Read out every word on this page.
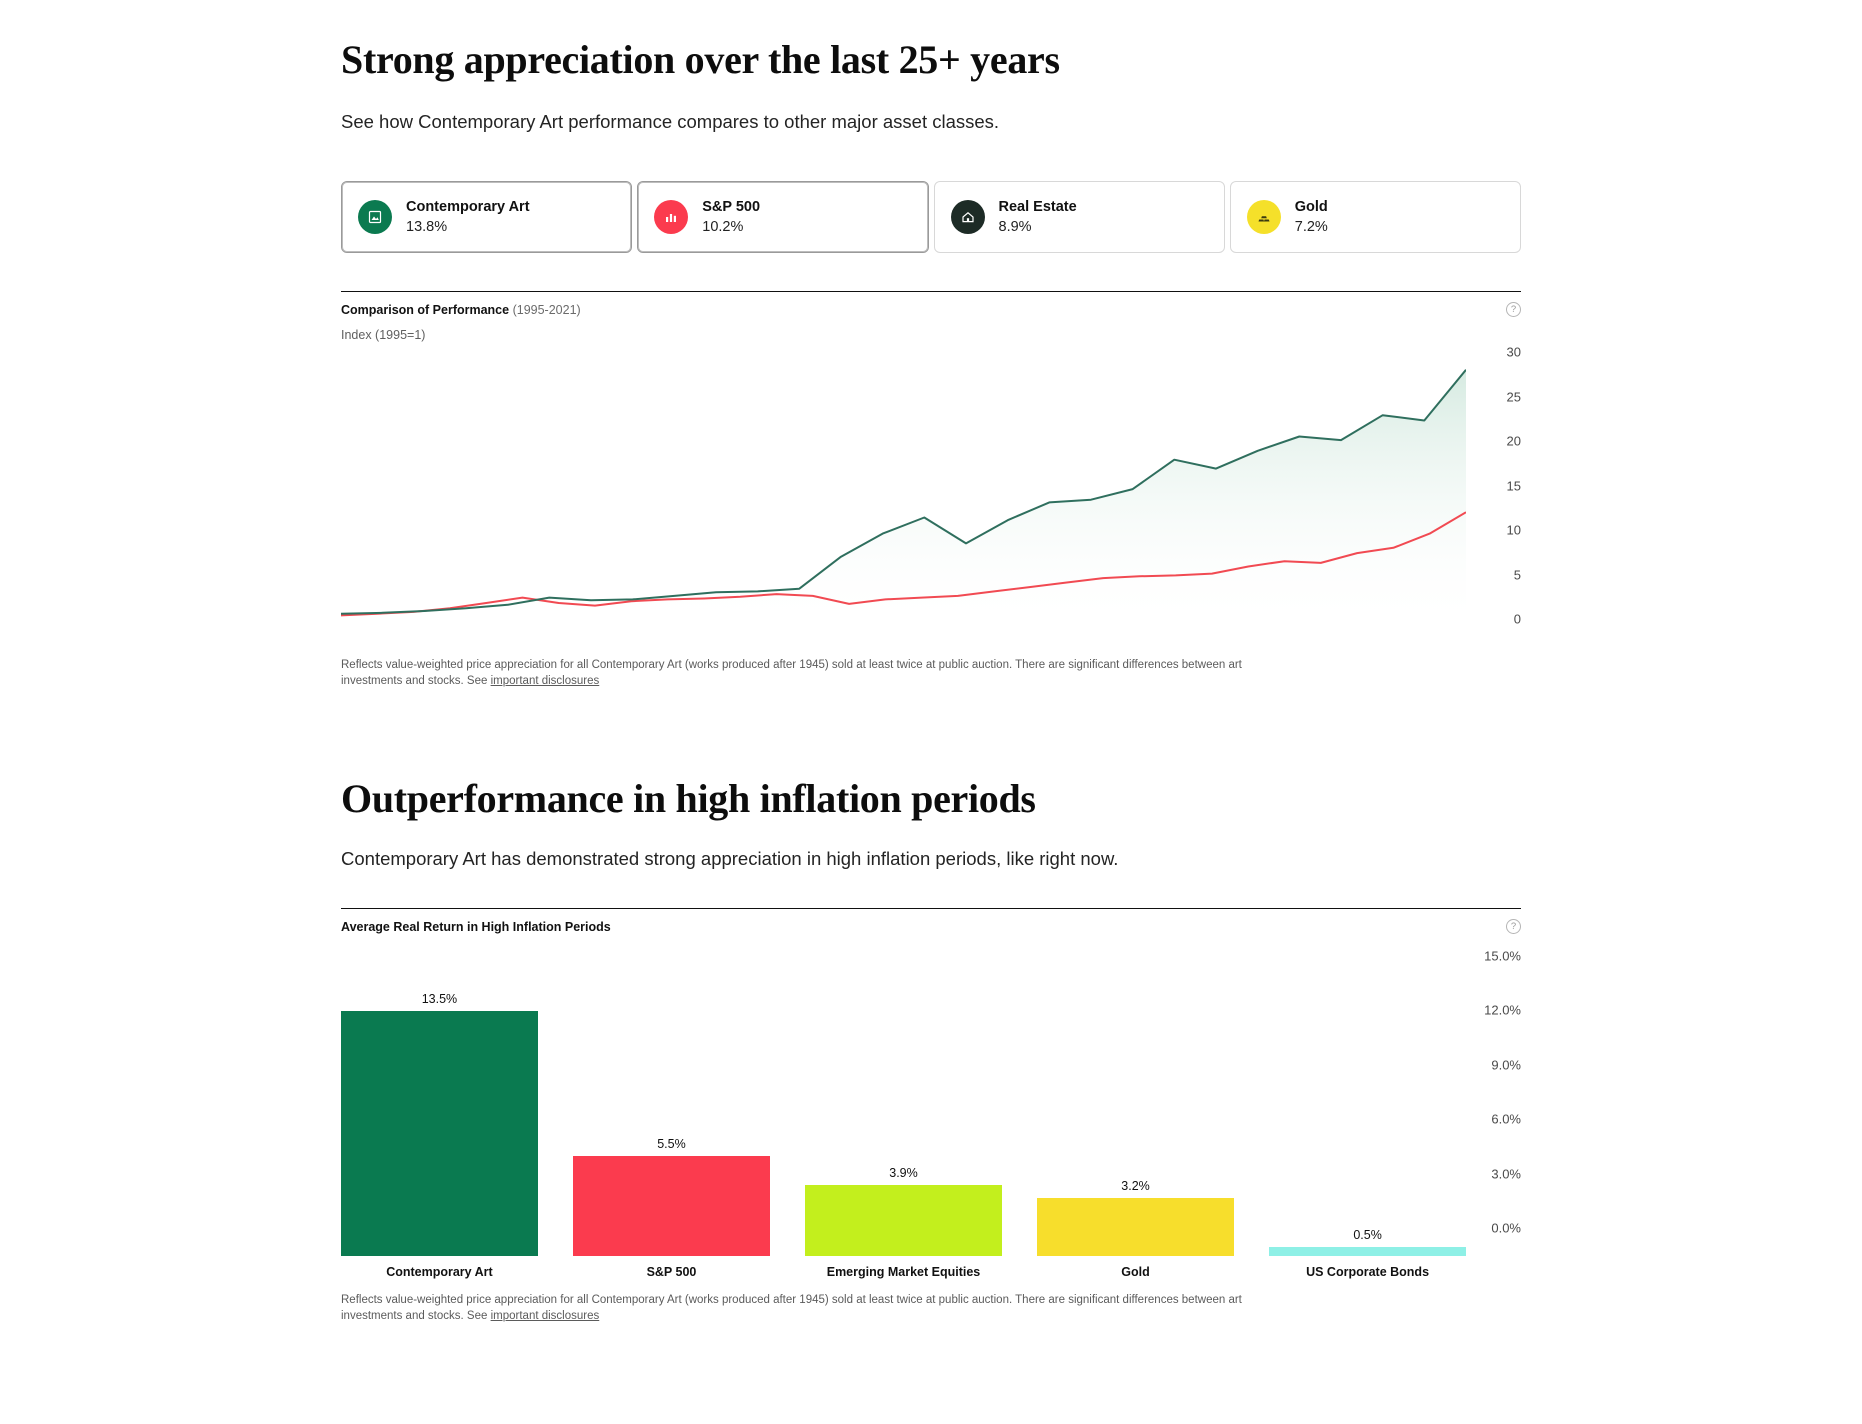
Strong appreciation over the last 25+ years

See how Contemporary Art performance compares to other major asset classes.

Contemporary Art
13.8%
S&P 500
10.2%
Real Estate
8.9%
Gold
7.2%
Comparison of Performance (1995-2021)	?
Index (1995=1)
0
5
10
15
20
25
30
Reflects value-weighted price appreciation for all Contemporary Art (works produced after 1945) sold at least twice at public auction. There are significant differences between art investments and stocks. See important disclosures
Outperformance in high inflation periods

Contemporary Art has demonstrated strong appreciation in high inflation periods, like right now.

Average Real Return in High Inflation Periods	?
13.5%
5.5%
3.9%
3.2%
0.5%	0.0%
3.0%
6.0%
9.0%
12.0%
15.0%
Contemporary Art	S&P 500	Emerging Market Equities	Gold	US Corporate Bonds
Reflects value-weighted price appreciation for all Contemporary Art (works produced after 1945) sold at least twice at public auction. There are significant differences between art investments and stocks. See important disclosures
